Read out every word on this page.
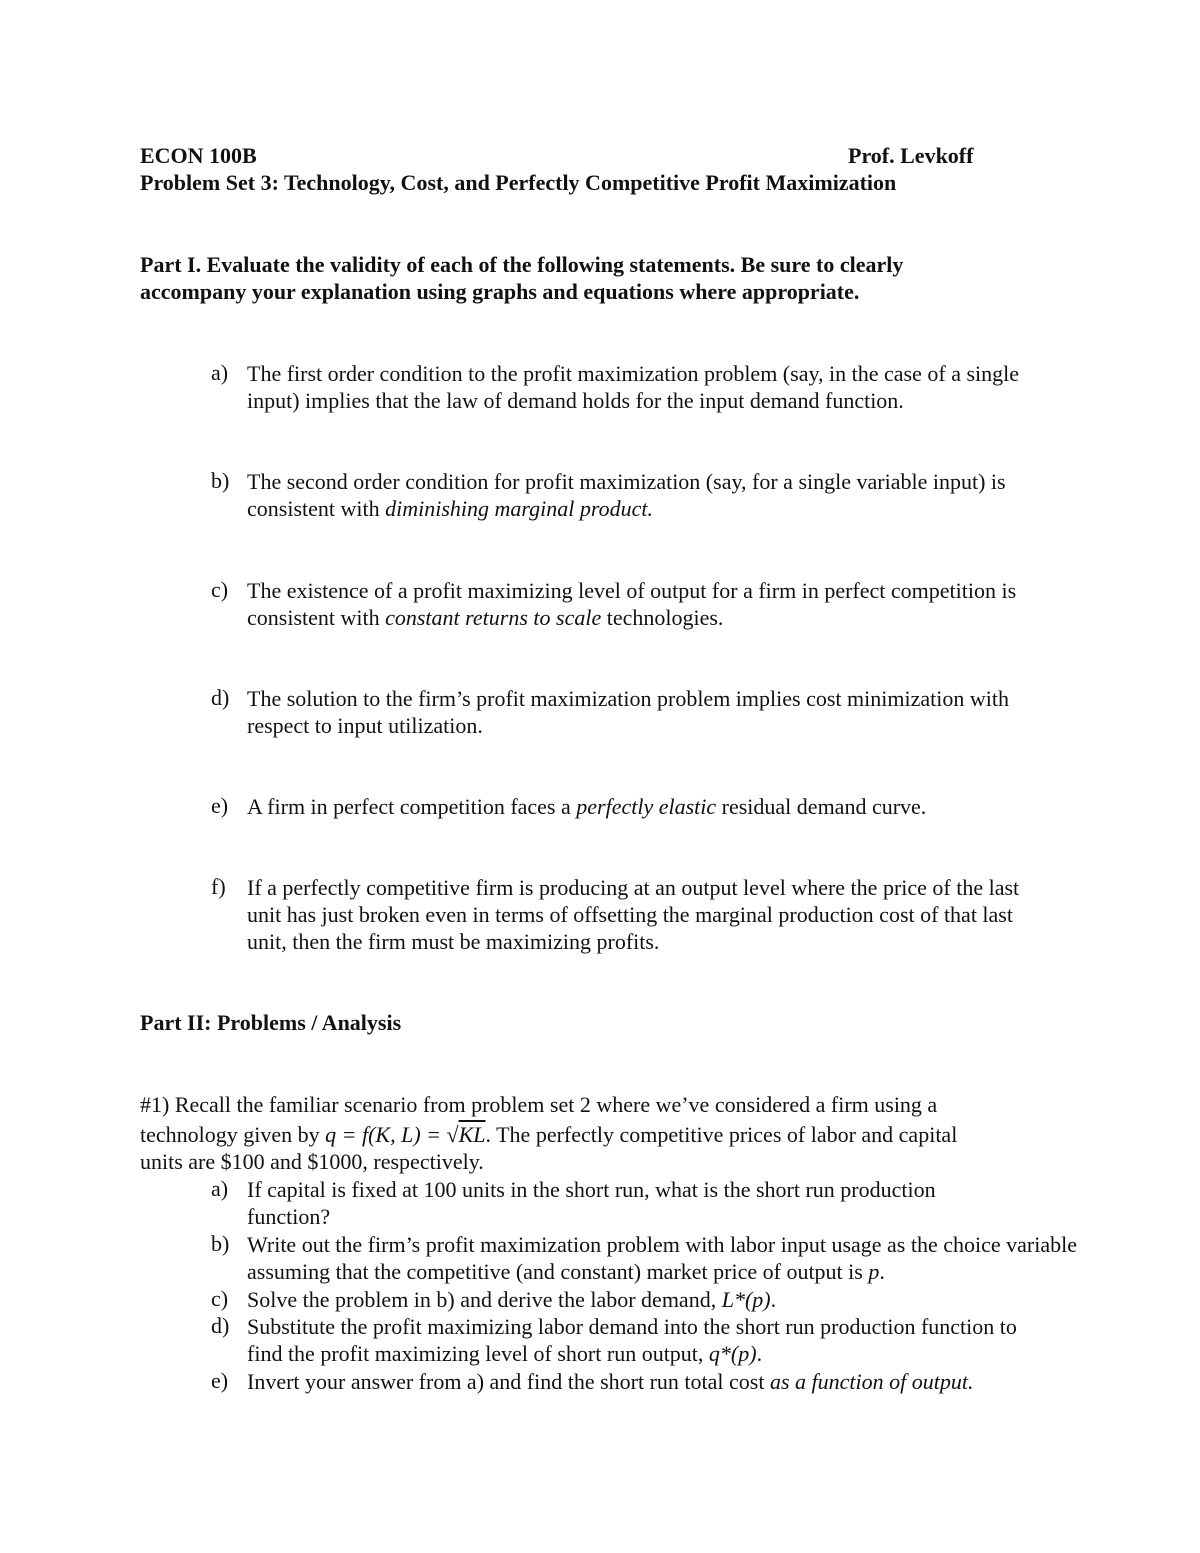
ECON 100B	Prof. Levkoff
Problem Set 3: Technology, Cost, and Perfectly Competitive Profit Maximization
Part I. Evaluate the validity of each of the following statements. Be sure to clearly
accompany your explanation using graphs and equations where appropriate.
a) The first order condition to the profit maximization problem (say, in the case of a single input) implies that the law of demand holds for the input demand function.
b) The second order condition for profit maximization (say, for a single variable input) is consistent with diminishing marginal product.
c) The existence of a profit maximizing level of output for a firm in perfect competition is consistent with constant returns to scale technologies.
d) The solution to the firm’s profit maximization problem implies cost minimization with respect to input utilization.
e) A firm in perfect competition faces a perfectly elastic residual demand curve.
f) If a perfectly competitive firm is producing at an output level where the price of the last unit has just broken even in terms of offsetting the marginal production cost of that last unit, then the firm must be maximizing profits.
Part II: Problems / Analysis
#1) Recall the familiar scenario from problem set 2 where we’ve considered a firm using a
technology given by q = f(K, L) = √KL. The perfectly competitive prices of labor and capital
units are $100 and $1000, respectively.
a) If capital is fixed at 100 units in the short run, what is the short run production function?
b) Write out the firm’s profit maximization problem with labor input usage as the choice variable assuming that the competitive (and constant) market price of output is p.
c) Solve the problem in b) and derive the labor demand, L*(p).
d) Substitute the profit maximizing labor demand into the short run production function to find the profit maximizing level of short run output, q*(p).
e) Invert your answer from a) and find the short run total cost as a function of output.
